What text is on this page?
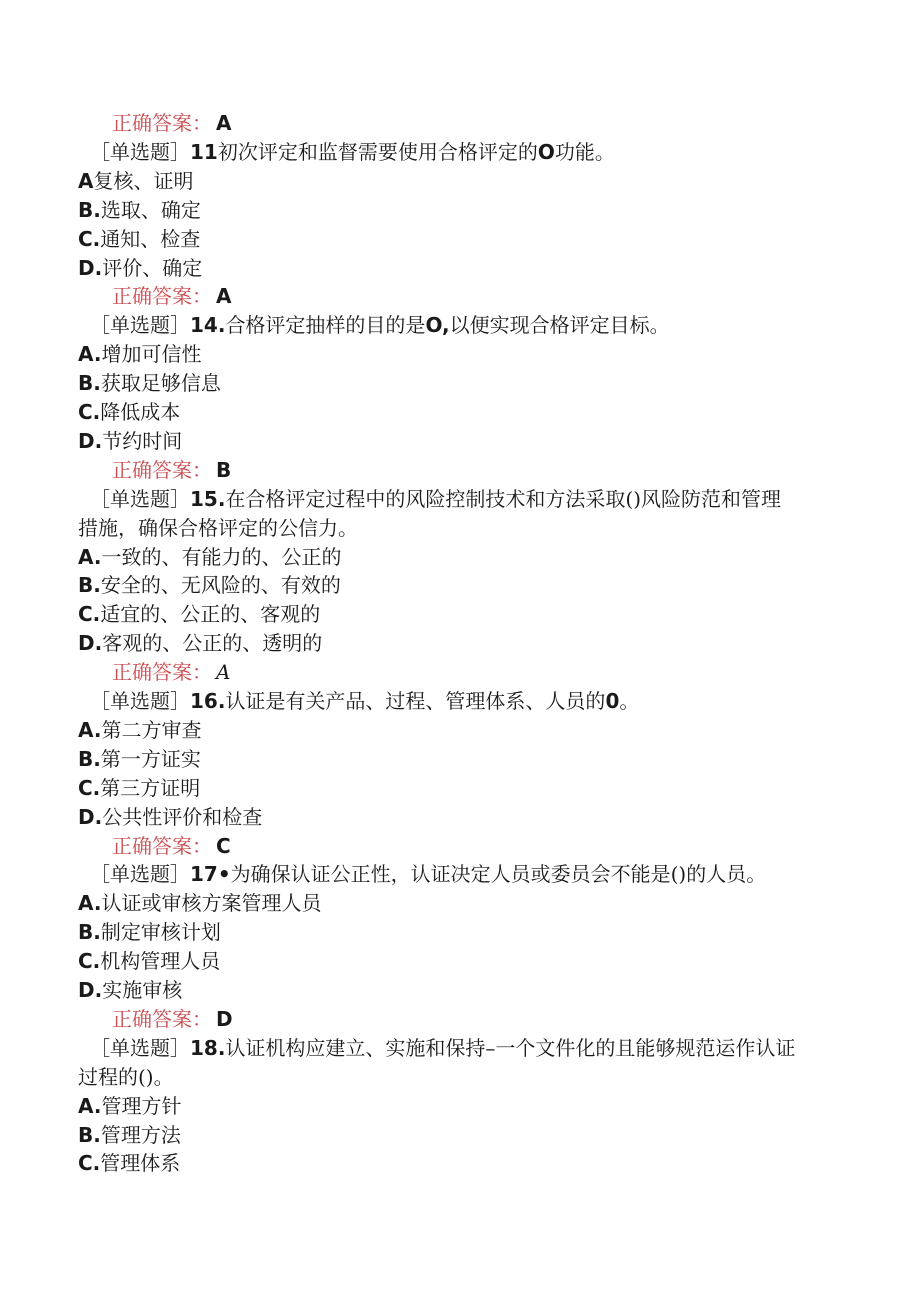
正确答案： A
［单选题］11初次评定和监督需要使用合格评定的O功能。
A复核、证明
B.选取、确定
C.通知、检查
D.评价、确定
正确答案： A
［单选题］14.合格评定抽样的目的是O,以便实现合格评定目标。
A.增加可信性
B.获取足够信息
C.降低成本
D.节约时间
正确答案： B
［单选题］15.在合格评定过程中的风险控制技术和方法采取()风险防范和管理
措施，确保合格评定的公信力。
A.一致的、有能力的、公正的
B.安全的、无风险的、有效的
C.适宜的、公正的、客观的
D.客观的、公正的、透明的
正确答案： A
［单选题］16.认证是有关产品、过程、管理体系、人员的0。
A.第二方审查
B.第一方证实
C.第三方证明
D.公共性评价和检查
正确答案： C
［单选题］17•为确保认证公正性，认证决定人员或委员会不能是()的人员。
A.认证或审核方案管理人员
B.制定审核计划
C.机构管理人员
D.实施审核
正确答案： D
［单选题］18.认证机构应建立、实施和保持–一个文件化的且能够规范运作认证
过程的()。
A.管理方针
B.管理方法
C.管理体系
